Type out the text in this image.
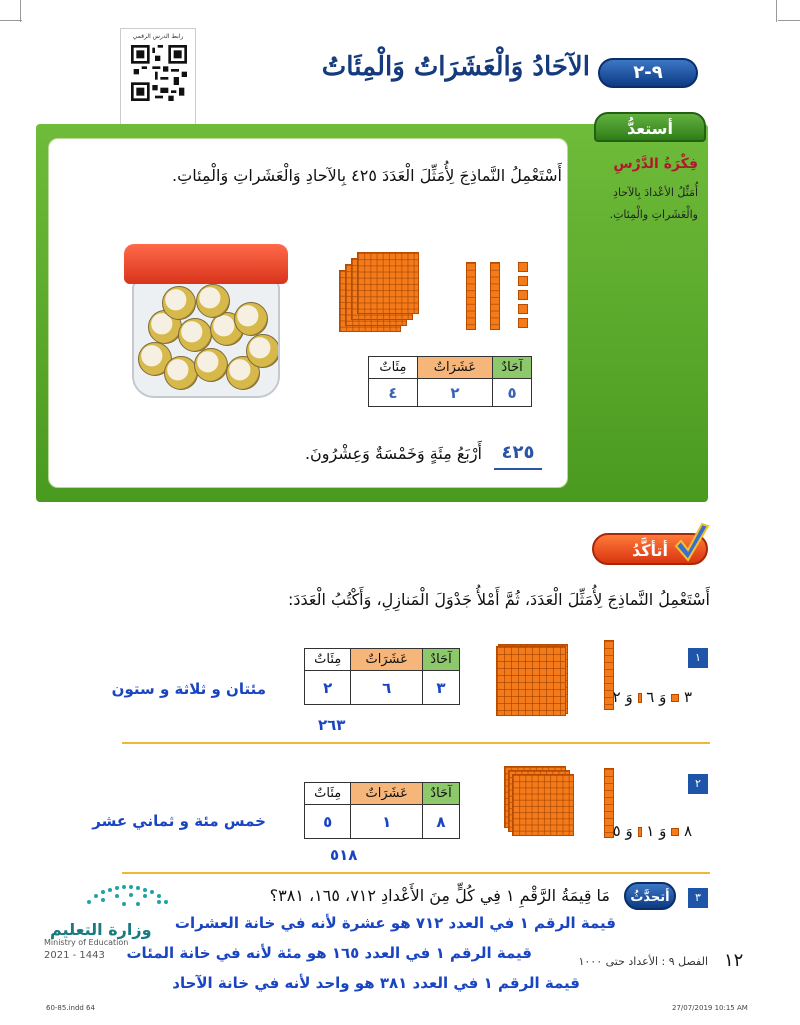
رابط الدرس الرقمي
٩-٢
الآحَادُ وَالْعَشَرَاتُ وَالْمِئَاتُ
أستعدُّ
فِكْرَةُ الدَّرْسِ
أُمَثِّلُ الأعْدادَ بِالآحادِ والْعَشَراتِ والْمِئاتِ.
أَسْتَعْمِلُ النَّماذِجَ لِأُمَثِّلَ الْعَدَدَ ٤٢٥ بِالآحادِ وَالْعَشَراتِ وَالْمِئاتِ.
آحَادٌ	عَشَرَاتٌ	مِئَاتٌ
٥	٢	٤
٤٢٥
أَرْبَعُ مِئَةٍ وَخَمْسَةٌ وَعِشْرُونَ.
أتأكَّدُ
أَسْتَعْمِلُ النَّماذِجَ لِأُمَثِّلَ الْعَدَدَ، ثُمَّ أَمْلأُ جَدْوَلَ الْمَنازِلِ، وَأَكْتُبُ الْعَدَدَ:
١
٣  وَ ٦  وَ ٢
آحَادٌ	عَشَرَاتٌ	مِئَاتٌ
٣	٦	٢
٢٦٣
مئتان و ثلاثة و ستون
٢
٨  وَ ١  وَ ٥
آحَادٌ	عَشَرَاتٌ	مِئَاتٌ
٨	١	٥
٥١٨
خمس مئة و ثماني عشر
٣
أتحدَّثُ
مَا قِيمَةُ الرَّقْمِ ١ فِي كُلٍّ مِنَ الأَعْدادِ ٧١٢، ١٦٥، ٣٨١؟
قيمة الرقم ١ في العدد ٧١٢ هو عشرة لأنه في خانة العشرات
قيمة الرقم ١ في العدد ١٦٥ هو مئة لأنه في خانة المئات
قيمة الرقم ١ في العدد ٣٨١ هو واحد لأنه في خانة الآحاد
وزارة التعليم
Ministry of Education
2021 - 1443	الفصل ٩ : الأعداد حتى ١٠٠٠ ١٢
60-85.indd 64	27/07/2019 10:15 AM
